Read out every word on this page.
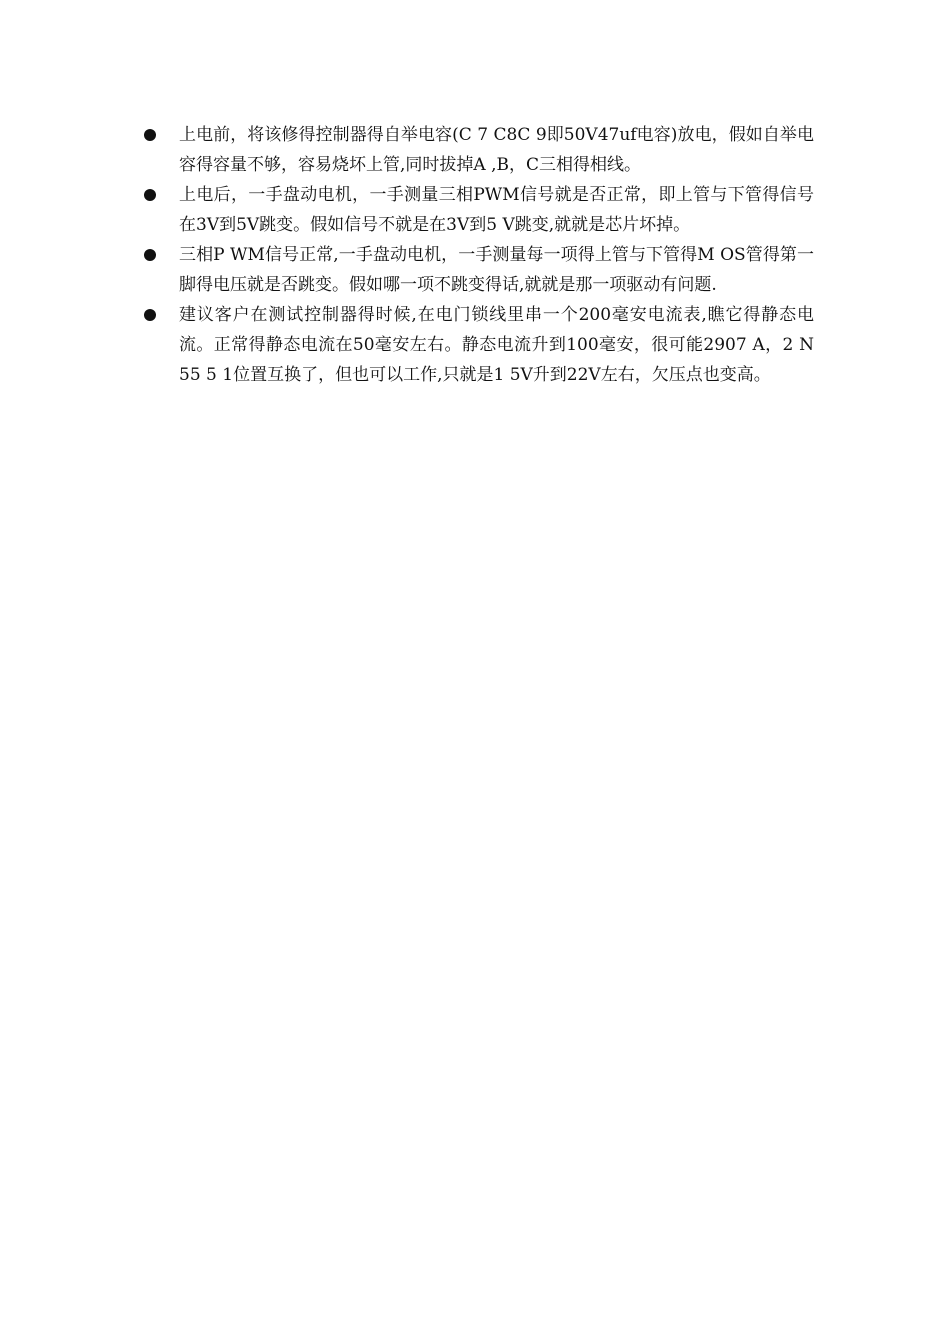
上电前，将该修得控制器得自举电容(C 7 C8C 9即50V47uf电容)放电，假如自举电容得容量不够，容易烧坏上管,同时拔掉A ,B，C三相得相线。
上电后，一手盘动电机，一手测量三相PWM信号就是否正常，即上管与下管得信号在3V到5V跳变。假如信号不就是在3V到5 V跳变,就就是芯片坏掉。
三相P WM信号正常,一手盘动电机，一手测量每一项得上管与下管得M OS管得第一脚得电压就是否跳变。假如哪一项不跳变得话,就就是那一项驱动有问题.
建议客户在测试控制器得时候,在电门锁线里串一个200毫安电流表,瞧它得静态电流。正常得静态电流在50毫安左右。静态电流升到100毫安，很可能2907 A，2 N 55 5 1位置互换了，但也可以工作,只就是1 5V升到22V左右，欠压点也变高。
